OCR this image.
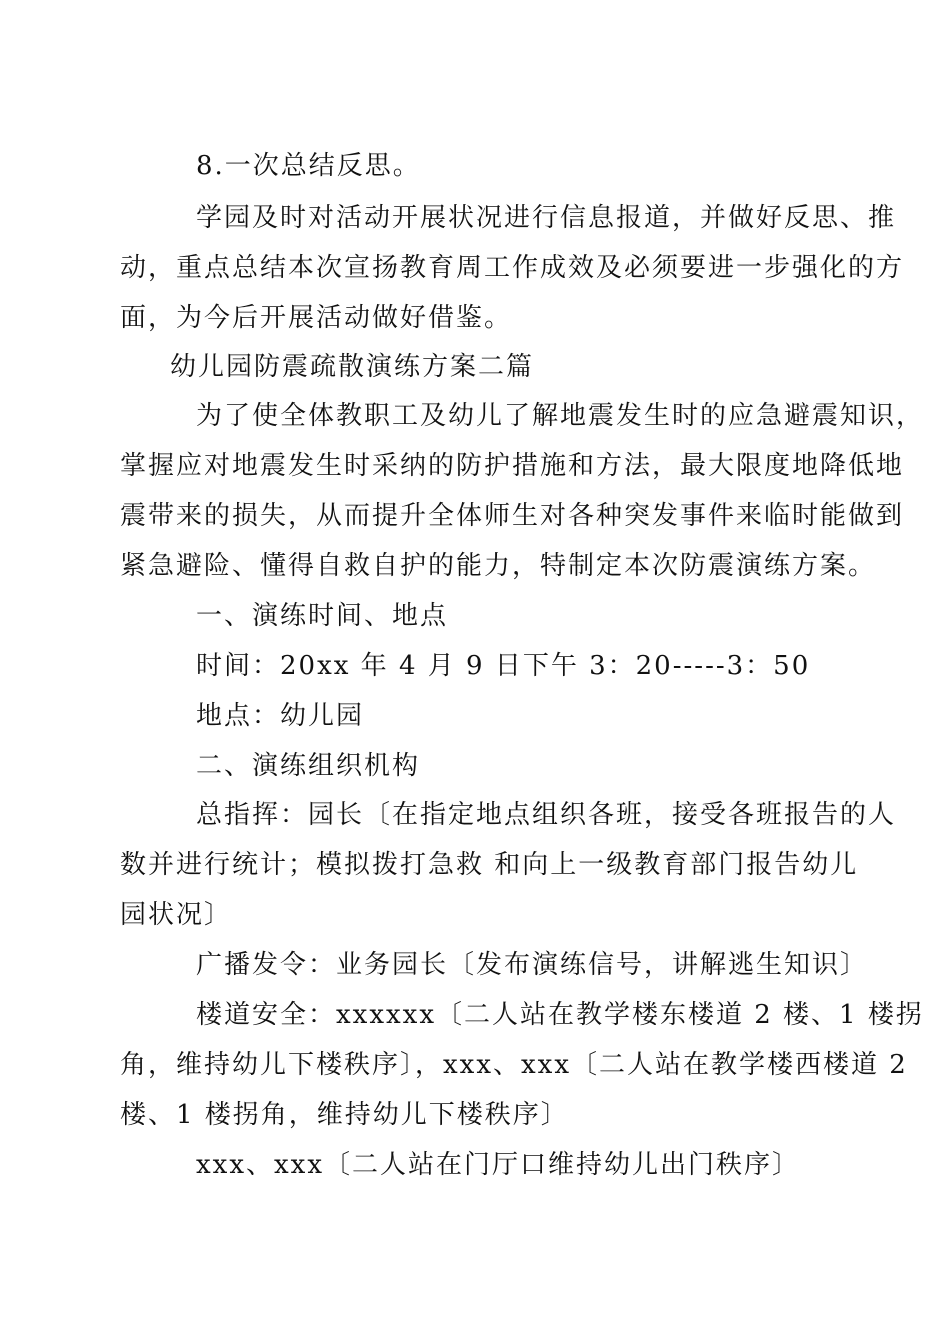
8.一次总结反思。
学园及时对活动开展状况进行信息报道，并做好反思、推
动，重点总结本次宣扬教育周工作成效及必须要进一步强化的方
面，为今后开展活动做好借鉴。
幼儿园防震疏散演练方案二篇
为了使全体教职工及幼儿了解地震发生时的应急避震知识，
掌握应对地震发生时采纳的防护措施和方法，最大限度地降低地
震带来的损失，从而提升全体师生对各种突发事件来临时能做到
紧急避险、懂得自救自护的能力，特制定本次防震演练方案。
一、演练时间、地点
时间：20xx 年 4 月 9 日下午 3：20-----3：50
地点：幼儿园
二、演练组织机构
总指挥：园长〔在指定地点组织各班，接受各班报告的人
数并进行统计；模拟拨打急救 和向上一级教育部门报告幼儿
园状况〕
广播发令：业务园长〔发布演练信号，讲解逃生知识〕
楼道安全：xxxxxx〔二人站在教学楼东楼道 2 楼、1 楼拐
角，维持幼儿下楼秩序〕，xxx、xxx〔二人站在教学楼西楼道 2
楼、1 楼拐角，维持幼儿下楼秩序〕
xxx、xxx〔二人站在门厅口维持幼儿出门秩序〕
